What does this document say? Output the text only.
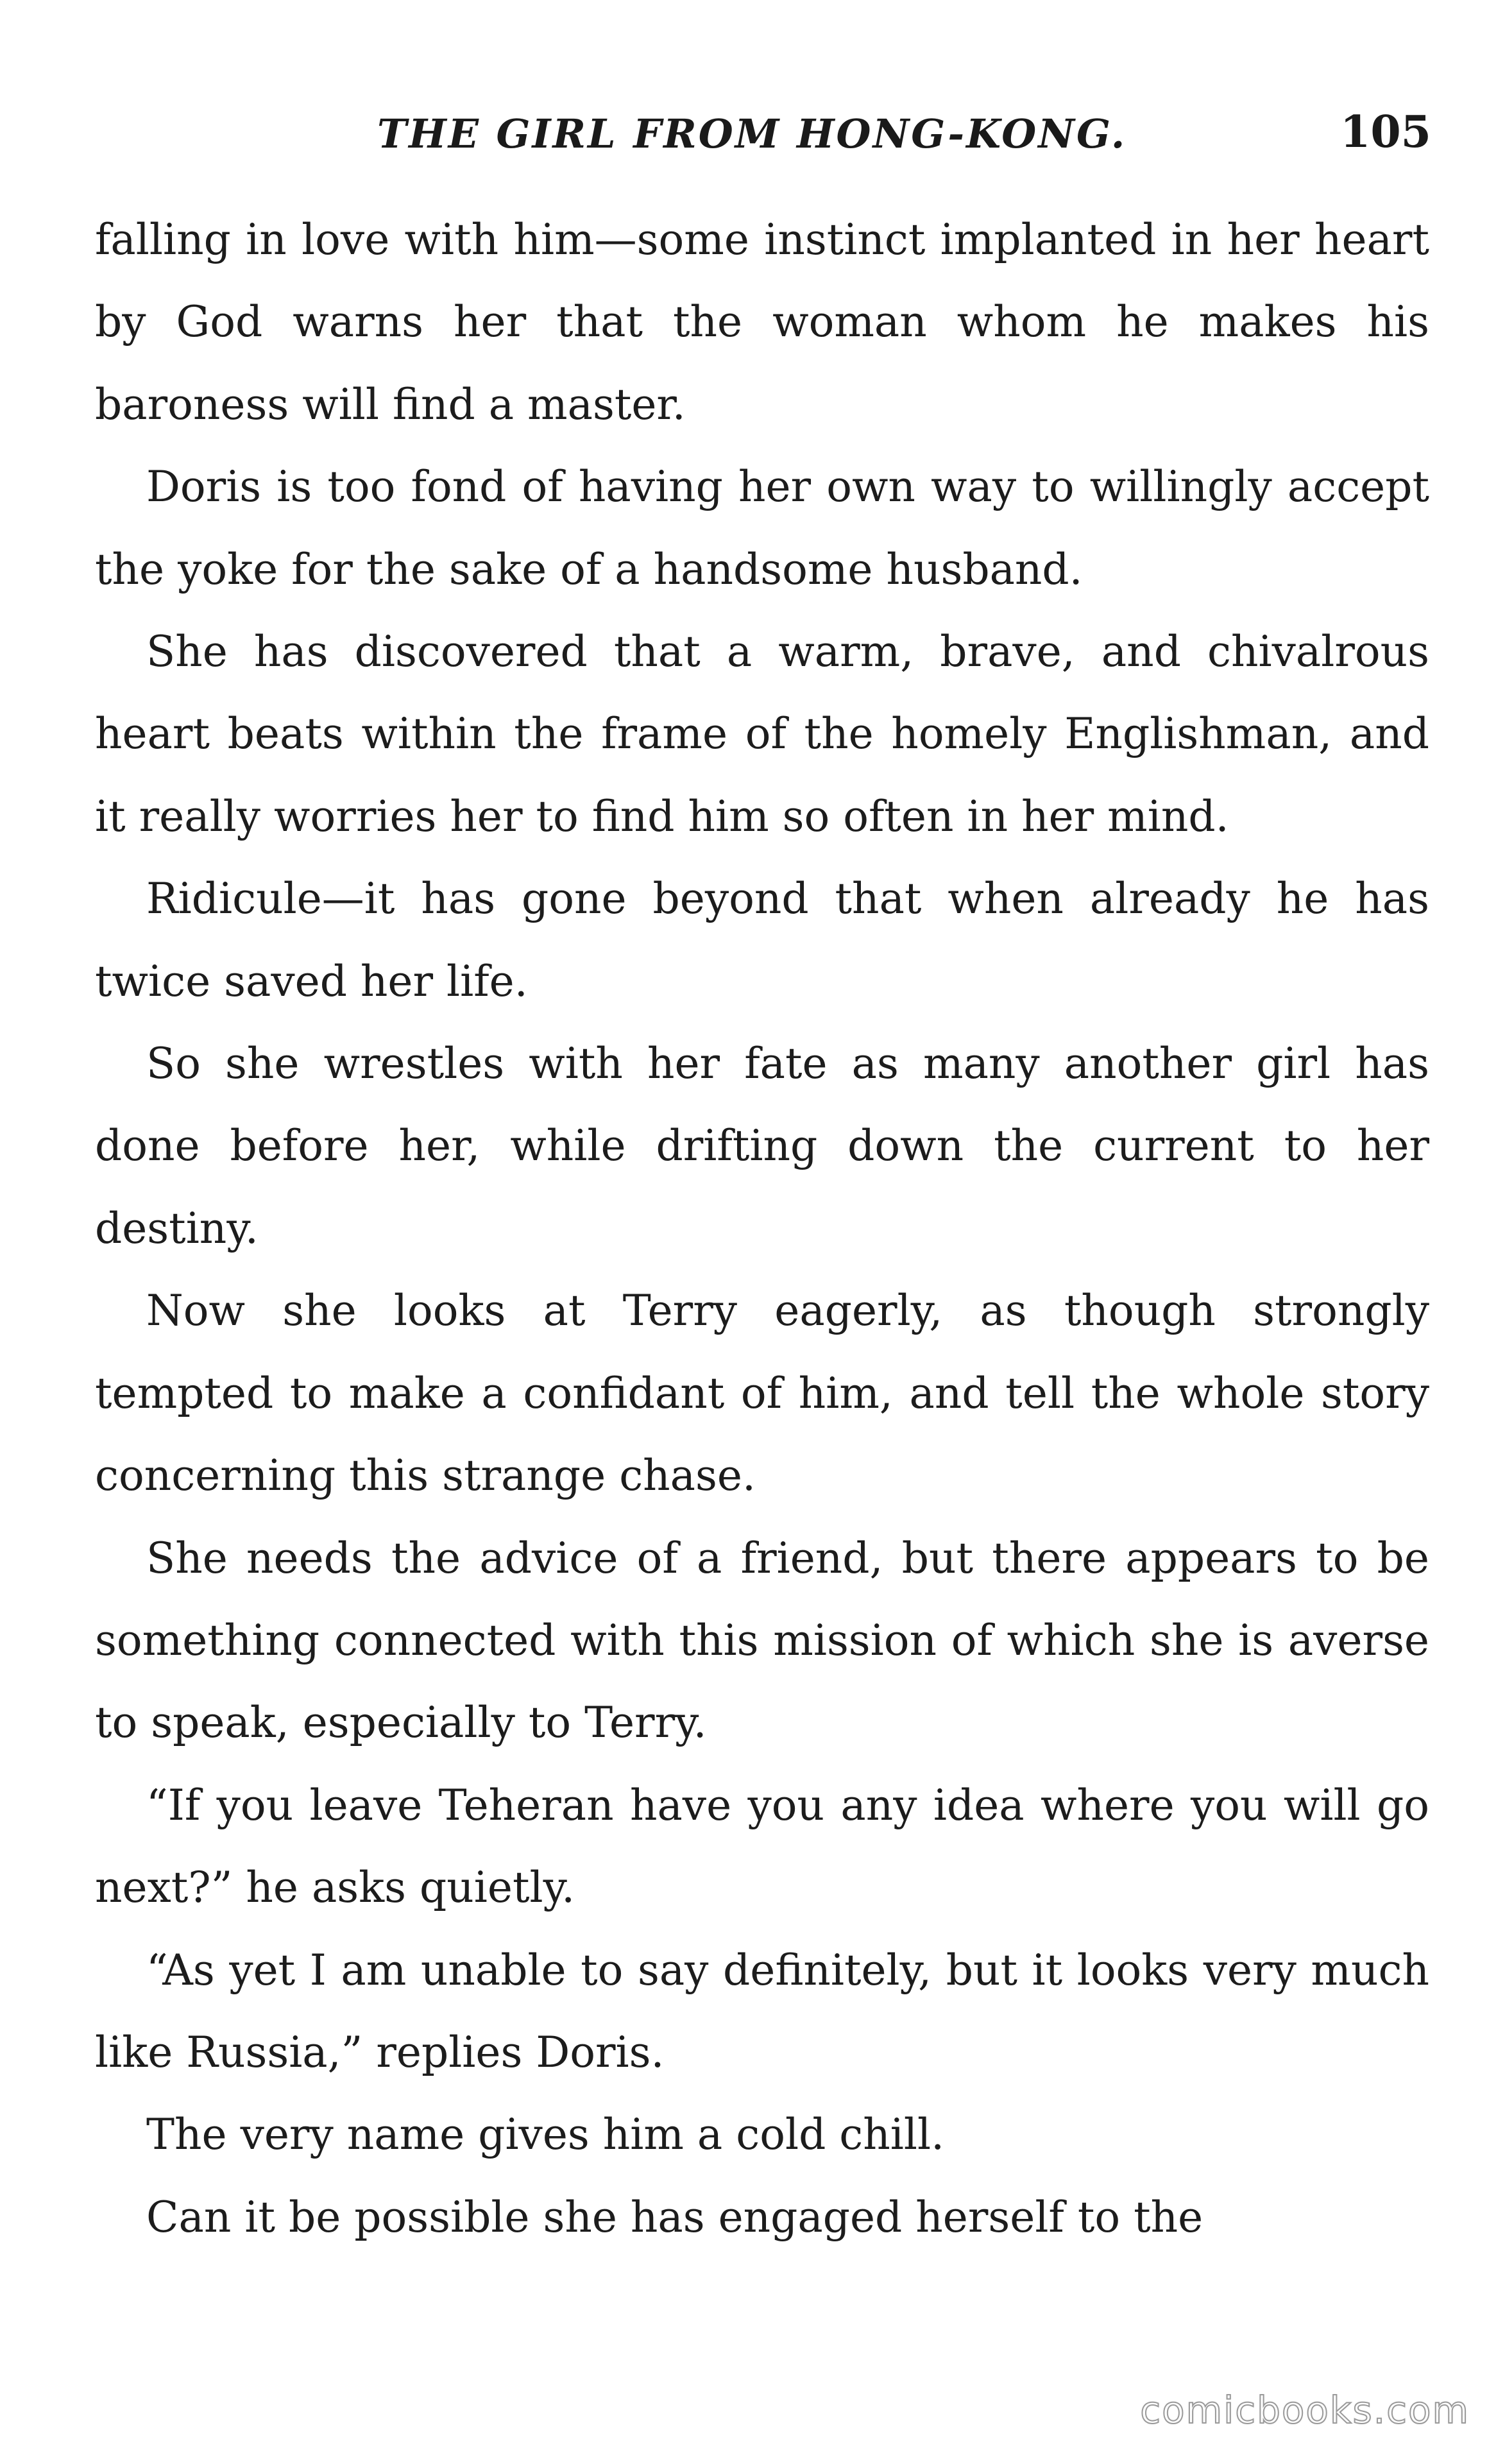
THE GIRL FROM HONG-KONG.	105

falling in love with him—some instinct implanted in her heart by God warns her that the woman whom he makes his baroness will find a master.

Doris is too fond of having her own way to willingly accept the yoke for the sake of a handsome husband.

She has discovered that a warm, brave, and chivalrous heart beats within the frame of the homely Englishman, and it really worries her to find him so often in her mind.

Ridicule—it has gone beyond that when already he has twice saved her life.

So she wrestles with her fate as many another girl has done before her, while drifting down the current to her destiny.

Now she looks at Terry eagerly, as though strongly tempted to make a confidant of him, and tell the whole story concerning this strange chase.

She needs the advice of a friend, but there appears to be something connected with this mission of which she is averse to speak, especially to Terry.

“If you leave Teheran have you any idea where you will go next?” he asks quietly.

“As yet I am unable to say definitely, but it looks very much like Russia,” replies Doris.

The very name gives him a cold chill.

Can it be possible she has engaged herself to the

comicbooks.com
